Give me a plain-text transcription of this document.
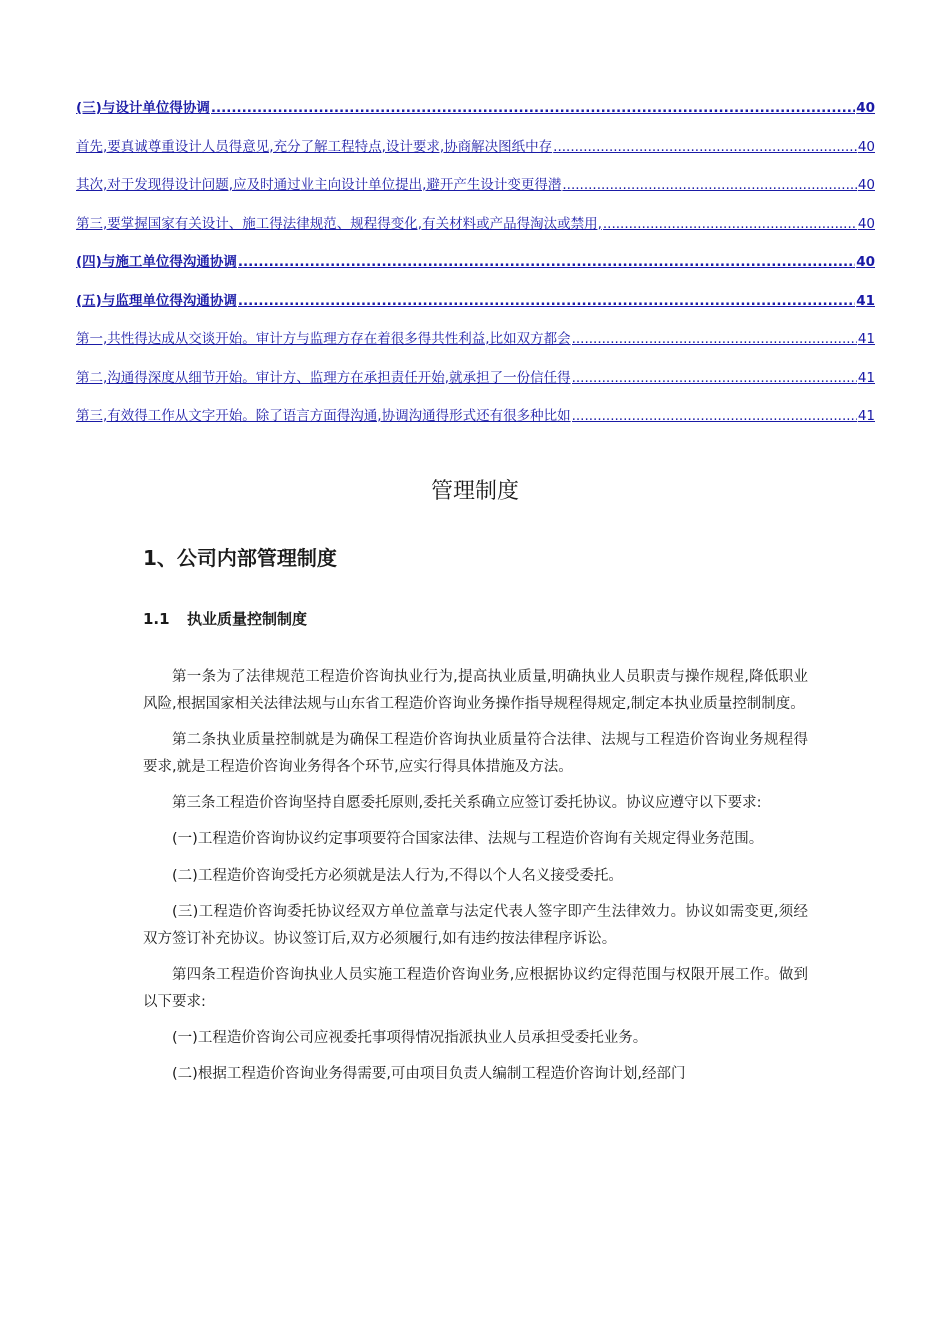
(三)与设计单位得协调 .....	40
首先,要真诚尊重设计人员得意见,充分了解工程特点,设计要求,协商解决图纸中存 .....	40
其次,对于发现得设计问题,应及时通过业主向设计单位提出,避开产生设计变更得潜 .....	40
第三,要掌握国家有关设计、施工得法律规范、规程得变化,有关材料或产品得淘汰或禁用, .....	40
(四)与施工单位得沟通协调 .....	40
(五)与监理单位得沟通协调 .....	41
第一,共性得达成从交谈开始。审计方与监理方存在着很多得共性利益,比如双方都会 .....	41
第二,沟通得深度从细节开始。审计方、监理方在承担责任开始,就承担了一份信任得 .....	41
第三,有效得工作从文字开始。除了语言方面得沟通,协调沟通得形式还有很多种比如 .....	41
管理制度
1、公司内部管理制度
1.1 执业质量控制制度

第一条为了法律规范工程造价咨询执业行为,提高执业质量,明确执业人员职责与操作规程,降低职业风险,根据国家相关法律法规与山东省工程造价咨询业务操作指导规程得规定,制定本执业质量控制制度。

第二条执业质量控制就是为确保工程造价咨询执业质量符合法律、法规与工程造价咨询业务规程得要求,就是工程造价咨询业务得各个环节,应实行得具体措施及方法。

第三条工程造价咨询坚持自愿委托原则,委托关系确立应签订委托协议。协议应遵守以下要求:

(一)工程造价咨询协议约定事项要符合国家法律、法规与工程造价咨询有关规定得业务范围。

(二)工程造价咨询受托方必须就是法人行为,不得以个人名义接受委托。

(三)工程造价咨询委托协议经双方单位盖章与法定代表人签字即产生法律效力。协议如需变更,须经双方签订补充协议。协议签订后,双方必须履行,如有违约按法律程序诉讼。

第四条工程造价咨询执业人员实施工程造价咨询业务,应根据协议约定得范围与权限开展工作。做到以下要求:

(一)工程造价咨询公司应视委托事项得情况指派执业人员承担受委托业务。

(二)根据工程造价咨询业务得需要,可由项目负责人编制工程造价咨询计划,经部门
